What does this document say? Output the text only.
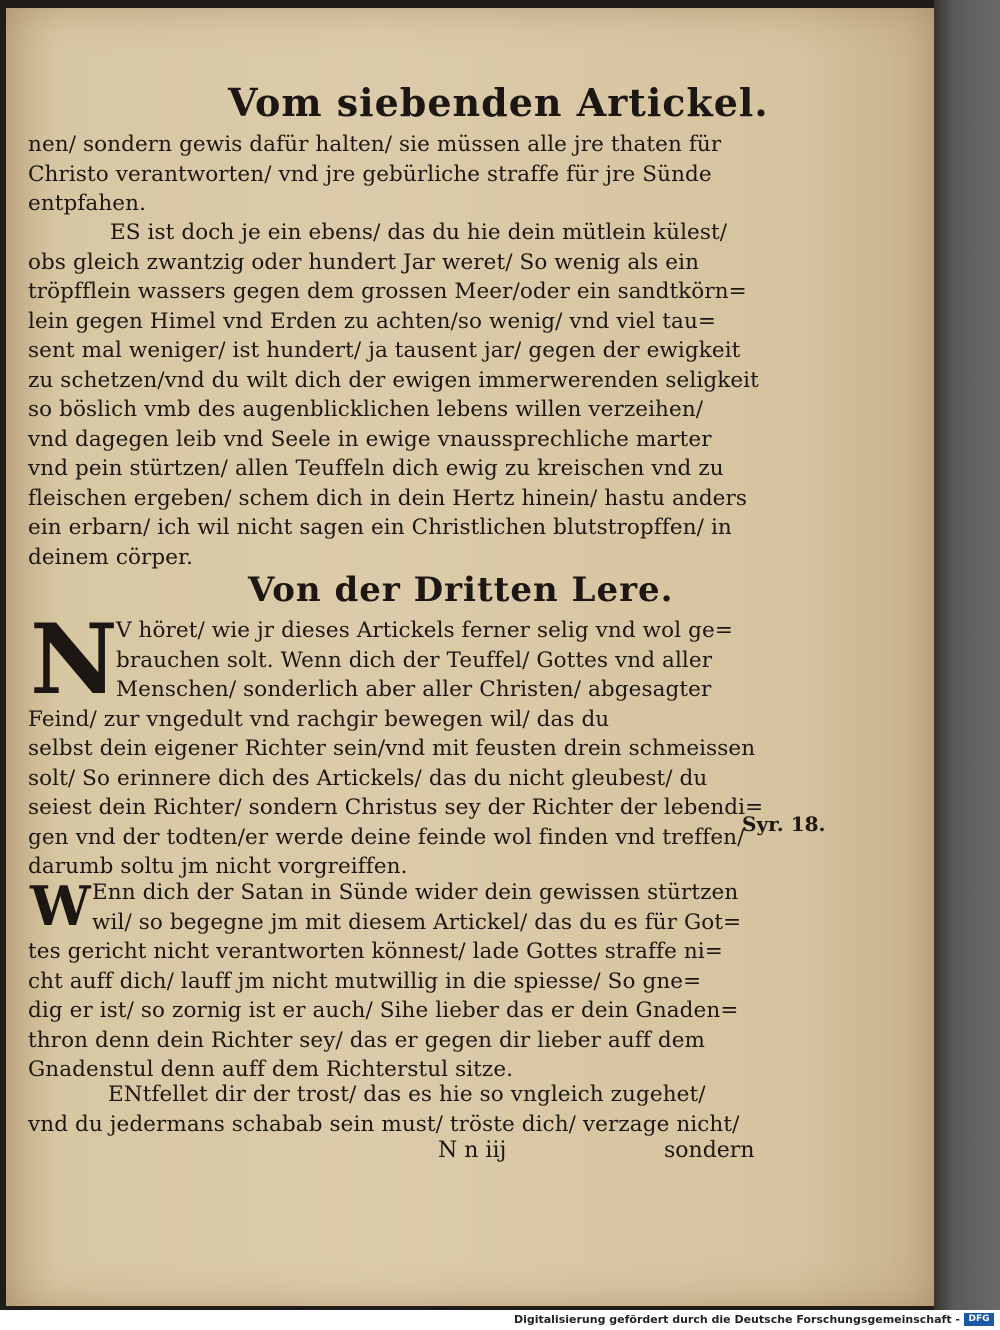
Vom siebenden Artickel.
nen/ sondern gewis dafür halten/ sie müssen alle jre thaten für
Christo verantworten/ vnd jre gebürliche straffe für jre Sünde
entpfahen.
ES ist doch je ein ebens/ das du hie dein mütlein külest/
obs gleich zwantzig oder hundert Jar weret/ So wenig als ein
tröpfflein wassers gegen dem grossen Meer/oder ein sandtkörn=
lein gegen Himel vnd Erden zu achten/so wenig/ vnd viel tau=
sent mal weniger/ ist hundert/ ja tausent jar/ gegen der ewigkeit
zu schetzen/vnd du wilt dich der ewigen immerwerenden seligkeit
so böslich vmb des augenblicklichen lebens willen verzeihen/
vnd dagegen leib vnd Seele in ewige vnaussprechliche marter
vnd pein stürtzen/ allen Teuffeln dich ewig zu kreischen vnd zu
fleischen ergeben/ schem dich in dein Hertz hinein/ hastu anders
ein erbarn/ ich wil nicht sagen ein Christlichen blutstropffen/ in
deinem cörper.
Von der Dritten Lere.
N
V höret/ wie jr dieses Artickels ferner selig vnd wol ge=
brauchen solt. Wenn dich der Teuffel/ Gottes vnd aller
Menschen/ sonderlich aber aller Christen/ abgesagter
Feind/ zur vngedult vnd rachgir bewegen wil/ das du
selbst dein eigener Richter sein/vnd mit feusten drein schmeissen
solt/ So erinnere dich des Artickels/ das du nicht gleubest/ du
seiest dein Richter/ sondern Christus sey der Richter der lebendi=
gen vnd der todten/er werde deine feinde wol finden vnd treffen/
darumb soltu jm nicht vorgreiffen.
Syr. 18.
W Enn dich der Satan in Sünde wider dein gewissen stürtzen
wil/ so begegne jm mit diesem Artickel/ das du es für Got=
tes gericht nicht verantworten könnest/ lade Gottes straffe ni=
cht auff dich/ lauff jm nicht mutwillig in die spiesse/ So gne=
dig er ist/ so zornig ist er auch/ Sihe lieber das er dein Gnaden=
thron denn dein Richter sey/ das er gegen dir lieber auff dem
Gnadenstul denn auff dem Richterstul sitze.
ENtfellet dir der trost/ das es hie so vngleich zugehet/
vnd du jedermans schabab sein must/ tröste dich/ verzage nicht/
N n iij	sondern
Digitalisierung gefördert durch die Deutsche Forschungsgemeinschaft - DFG
